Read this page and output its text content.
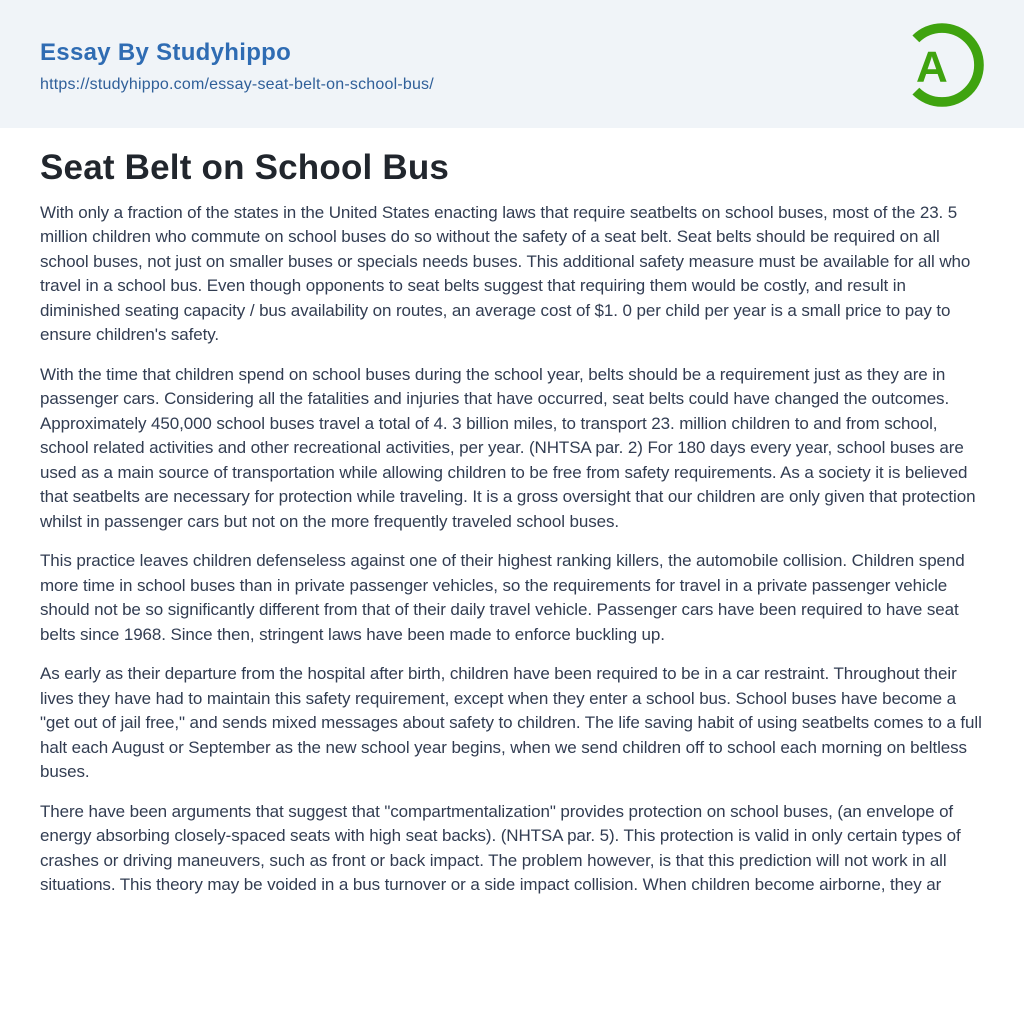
Essay By Studyhippo
https://studyhippo.com/essay-seat-belt-on-school-bus/	A
Seat Belt on School Bus

With only a fraction of the states in the United States enacting laws that require seatbelts on school buses, most of the 23. 5 million children who commute on school buses do so without the safety of a seat belt. Seat belts should be required on all school buses, not just on smaller buses or specials needs buses. This additional safety measure must be available for all who travel in a school bus. Even though opponents to seat belts suggest that requiring them would be costly, and result in diminished seating capacity / bus availability on routes, an average cost of $1. 0 per child per year is a small price to pay to ensure children's safety.

With the time that children spend on school buses during the school year, belts should be a requirement just as they are in passenger cars. Considering all the fatalities and injuries that have occurred, seat belts could have changed the outcomes. Approximately 450,000 school buses travel a total of 4. 3 billion miles, to transport 23. million children to and from school, school related activities and other recreational activities, per year. (NHTSA par. 2) For 180 days every year, school buses are used as a main source of transportation while allowing children to be free from safety requirements. As a society it is believed that seatbelts are necessary for protection while traveling. It is a gross oversight that our children are only given that protection whilst in passenger cars but not on the more frequently traveled school buses.

This practice leaves children defenseless against one of their highest ranking killers, the automobile collision. Children spend more time in school buses than in private passenger vehicles, so the requirements for travel in a private passenger vehicle should not be so significantly different from that of their daily travel vehicle. Passenger cars have been required to have seat belts since 1968. Since then, stringent laws have been made to enforce buckling up.

As early as their departure from the hospital after birth, children have been required to be in a car restraint. Throughout their lives they have had to maintain this safety requirement, except when they enter a school bus. School buses have become a "get out of jail free," and sends mixed messages about safety to children. The life saving habit of using seatbelts comes to a full halt each August or September as the new school year begins, when we send children off to school each morning on beltless buses.

There have been arguments that suggest that "compartmentalization" provides protection on school buses, (an envelope of energy absorbing closely-spaced seats with high seat backs). (NHTSA par. 5). This protection is valid in only certain types of crashes or driving maneuvers, such as front or back impact. The problem however, is that this prediction will not work in all situations. This theory may be voided in a bus turnover or a side impact collision. When children become airborne, they ar
